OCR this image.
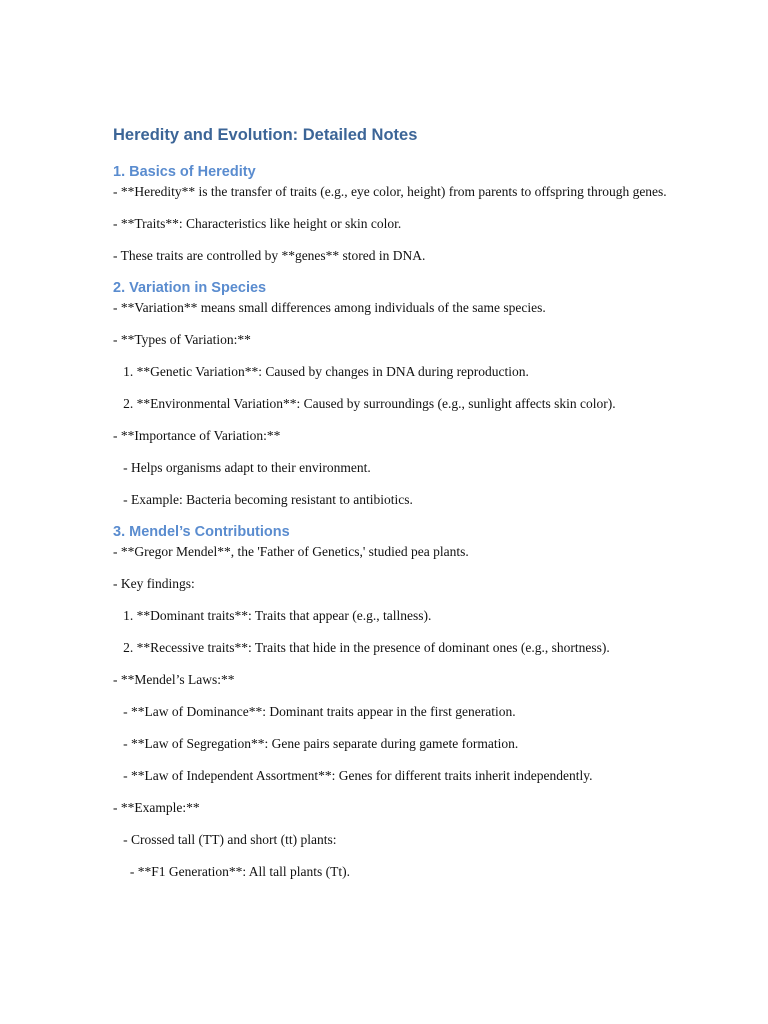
Heredity and Evolution: Detailed Notes
1. Basics of Heredity

- **Heredity** is the transfer of traits (e.g., eye color, height) from parents to offspring through genes.

- **Traits**: Characteristics like height or skin color.

- These traits are controlled by **genes** stored in DNA.

2. Variation in Species

- **Variation** means small differences among individuals of the same species.

- **Types of Variation:**

1. **Genetic Variation**: Caused by changes in DNA during reproduction.

2. **Environmental Variation**: Caused by surroundings (e.g., sunlight affects skin color).

- **Importance of Variation:**

- Helps organisms adapt to their environment.

- Example: Bacteria becoming resistant to antibiotics.

3. Mendel’s Contributions

- **Gregor Mendel**, the 'Father of Genetics,' studied pea plants.

- Key findings:

1. **Dominant traits**: Traits that appear (e.g., tallness).

2. **Recessive traits**: Traits that hide in the presence of dominant ones (e.g., shortness).

- **Mendel’s Laws:**

- **Law of Dominance**: Dominant traits appear in the first generation.

- **Law of Segregation**: Gene pairs separate during gamete formation.

- **Law of Independent Assortment**: Genes for different traits inherit independently.

- **Example:**

- Crossed tall (TT) and short (tt) plants:

- **F1 Generation**: All tall plants (Tt).
